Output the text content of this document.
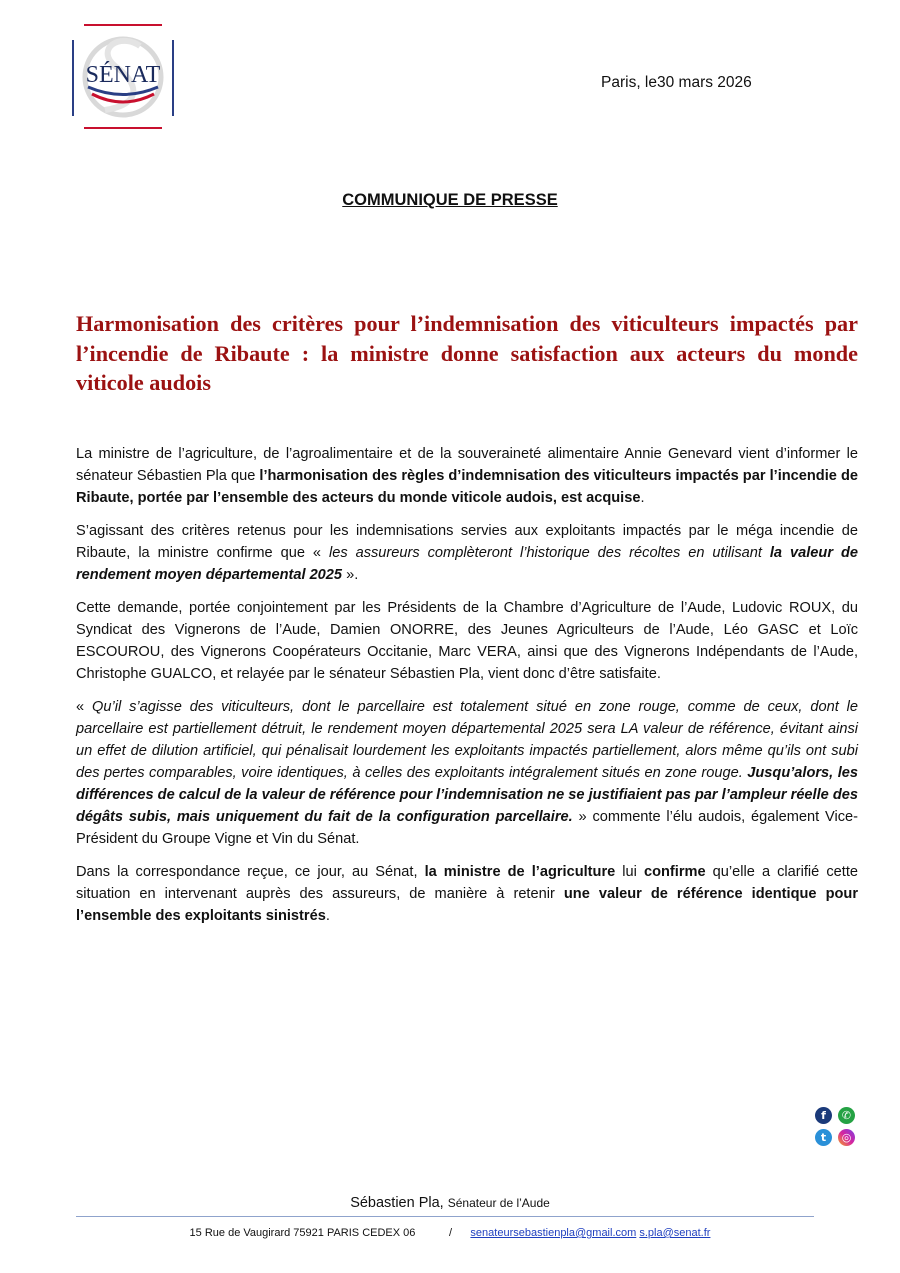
SÉNAT	Paris, le30 mars 2026
COMMUNIQUE DE PRESSE
Harmonisation des critères pour l’indemnisation des viticulteurs impactés par l’incendie de Ribaute : la ministre donne satisfaction aux acteurs du monde viticole audois

La ministre de l’agriculture, de l’agroalimentaire et de la souveraineté alimentaire Annie Genevard vient d’informer le sénateur Sébastien Pla que l’harmonisation des règles d’indemnisation des viticulteurs impactés par l’incendie de Ribaute, portée par l’ensemble des acteurs du monde viticole audois, est acquise.

S’agissant des critères retenus pour les indemnisations servies aux exploitants impactés par le méga incendie de Ribaute, la ministre confirme que « les assureurs complèteront l’historique des récoltes en utilisant la valeur de rendement moyen départemental 2025 ».

Cette demande, portée conjointement par les Présidents de la Chambre d’Agriculture de l’Aude, Ludovic ROUX, du Syndicat des Vignerons de l’Aude, Damien ONORRE, des Jeunes Agriculteurs de l’Aude, Léo GASC et Loïc ESCOUROU, des Vignerons Coopérateurs Occitanie, Marc VERA, ainsi que des Vignerons Indépendants de l’Aude, Christophe GUALCO, et relayée par le sénateur Sébastien Pla, vient donc d’être satisfaite.

« Qu’il s’agisse des viticulteurs, dont le parcellaire est totalement situé en zone rouge, comme de ceux, dont le parcellaire est partiellement détruit, le rendement moyen départemental 2025 sera LA valeur de référence, évitant ainsi un effet de dilution artificiel, qui pénalisait lourdement les exploitants impactés partiellement, alors même qu’ils ont subi des pertes comparables, voire identiques, à celles des exploitants intégralement situés en zone rouge. Jusqu’alors, les différences de calcul de la valeur de référence pour l’indemnisation ne se justifiaient pas par l’ampleur réelle des dégâts subis, mais uniquement du fait de la configuration parcellaire. » commente l’élu audois, également Vice-Président du Groupe Vigne et Vin du Sénat.

Dans la correspondance reçue, ce jour, au Sénat, la ministre de l’agriculture lui confirme qu’elle a clarifié cette situation en intervenant auprès des assureurs, de manière à retenir une valeur de référence identique pour l’ensemble des exploitants sinistrés.

f	✆
t	◎
Sébastien Pla, Sénateur de l’Aude
15 Rue de Vaugirard 75921 PARIS CEDEX 06	/ senateursebastienpla@gmail.com s.pla@senat.fr
